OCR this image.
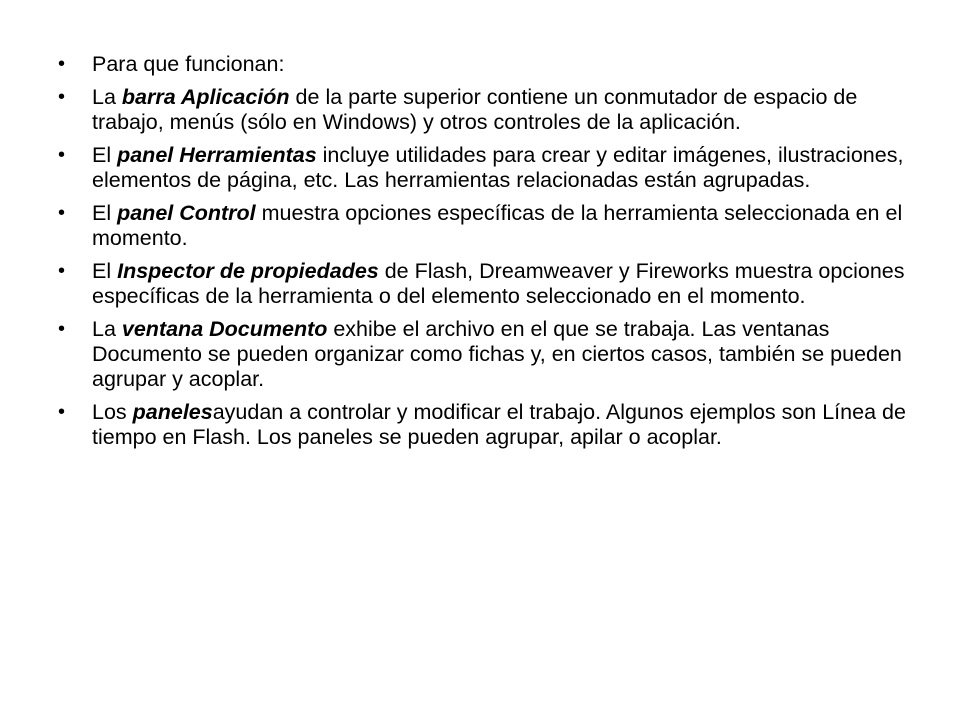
• Para que funcionan:
• La barra Aplicación de la parte superior contiene un conmutador de espacio de trabajo, menús (sólo en Windows) y otros controles de la aplicación.
• El panel Herramientas incluye utilidades para crear y editar imágenes, ilustraciones, elementos de página, etc. Las herramientas relacionadas están agrupadas.
• El panel Control muestra opciones específicas de la herramienta seleccionada en el momento.
• El Inspector de propiedades de Flash, Dreamweaver y Fireworks muestra opciones específicas de la herramienta o del elemento seleccionado en el momento.
• La ventana Documento exhibe el archivo en el que se trabaja. Las ventanas Documento se pueden organizar como fichas y, en ciertos casos, también se pueden agrupar y acoplar.
• Los panelesayudan a controlar y modificar el trabajo. Algunos ejemplos son Línea de tiempo en Flash. Los paneles se pueden agrupar, apilar o acoplar.
